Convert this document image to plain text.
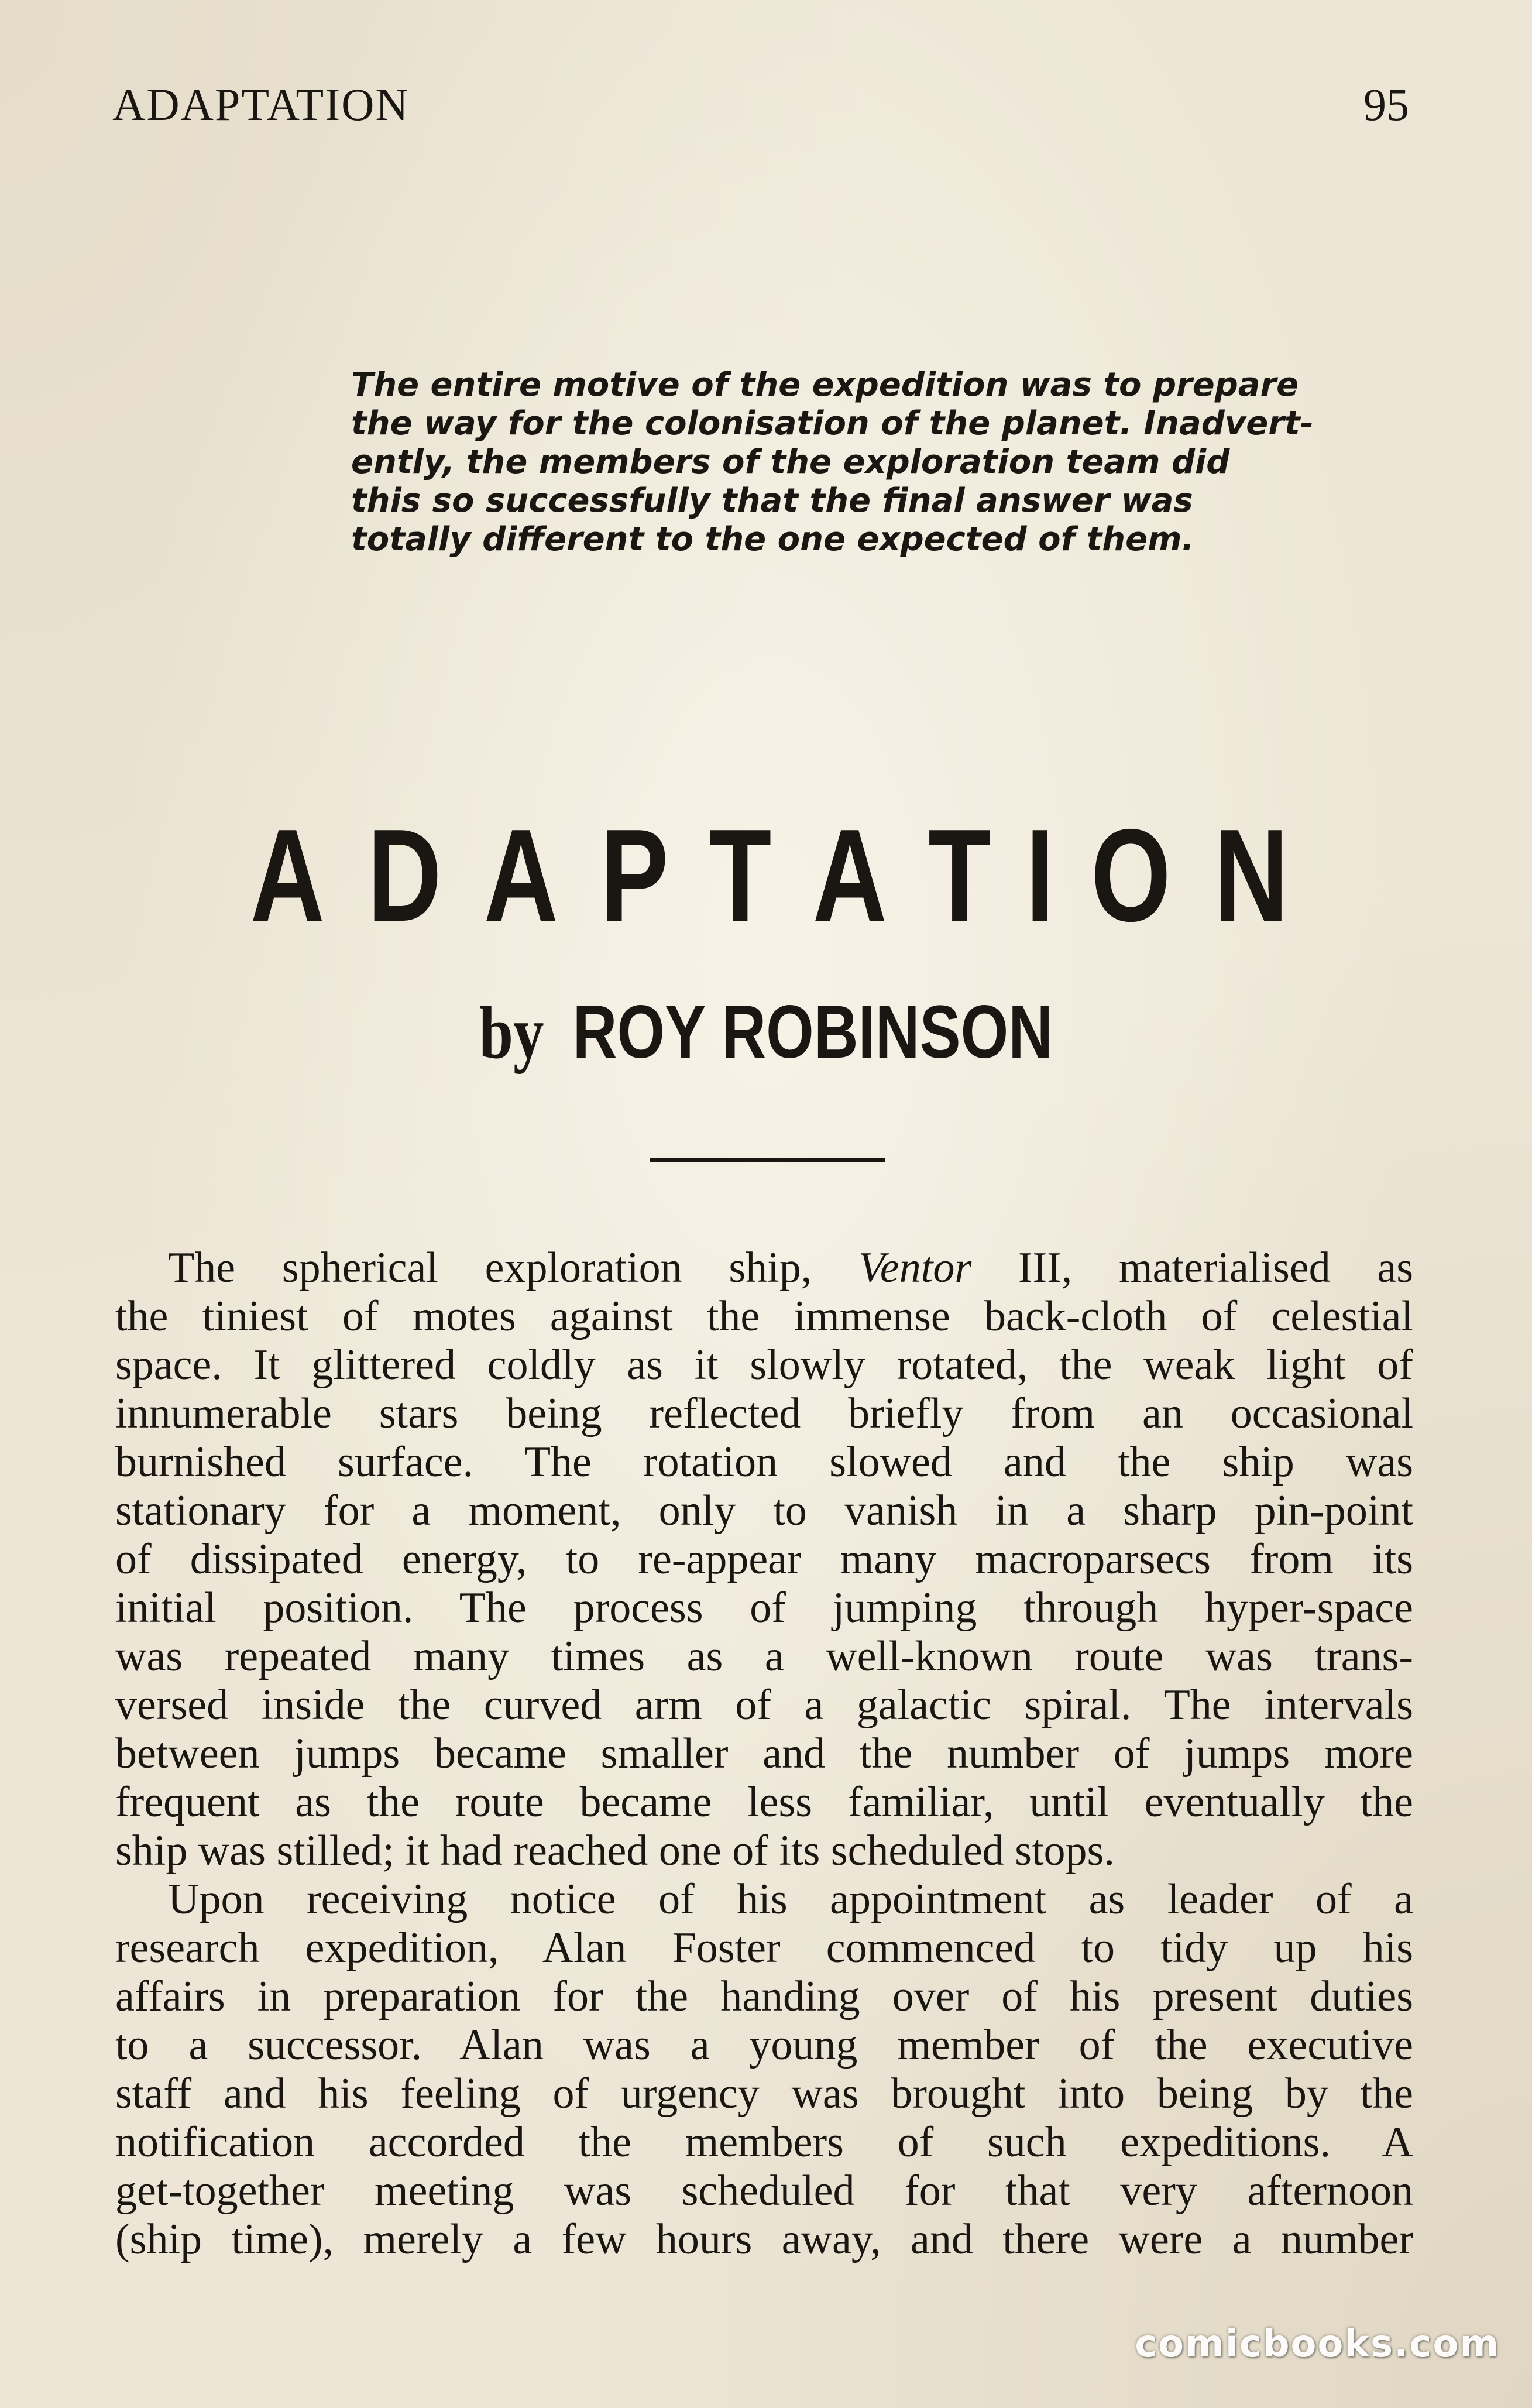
ADAPTATION	95
The entire motive of the expedition was to prepare
the way for the colonisation of the planet. Inadvert-
ently, the members of the exploration team did
this so successfully that the final answer was
totally different to the one expected of them.
A D A P T A T I O N
by ROY ROBINSON
The spherical exploration ship, Ventor III, materialised as
the tiniest of motes against the immense back-cloth of celestial
space. It glittered coldly as it slowly rotated, the weak light of
innumerable stars being reflected briefly from an occasional
burnished surface. The rotation slowed and the ship was
stationary for a moment, only to vanish in a sharp pin-point
of dissipated energy, to re-appear many macroparsecs from its
initial position. The process of jumping through hyper-space
was repeated many times as a well-known route was trans-
versed inside the curved arm of a galactic spiral. The intervals
between jumps became smaller and the number of jumps more
frequent as the route became less familiar, until eventually the
ship was stilled; it had reached one of its scheduled stops.
Upon receiving notice of his appointment as leader of a
research expedition, Alan Foster commenced to tidy up his
affairs in preparation for the handing over of his present duties
to a successor. Alan was a young member of the executive
staff and his feeling of urgency was brought into being by the
notification accorded the members of such expeditions. A
get-together meeting was scheduled for that very afternoon
(ship time), merely a few hours away, and there were a number
comicbooks.com
